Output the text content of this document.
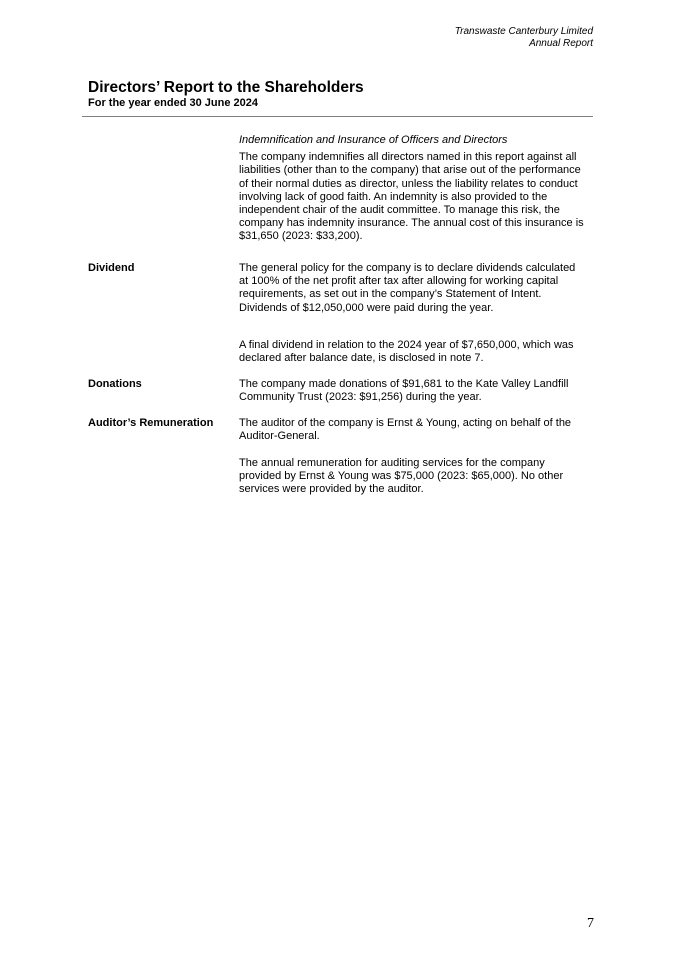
Transwaste Canterbury Limited
Annual Report
Directors’ Report to the Shareholders
For the year ended 30 June 2024

Indemnification and Insurance of Officers and Directors

The company indemnifies all directors named in this report against all liabilities (other than to the company) that arise out of the performance of their normal duties as director, unless the liability relates to conduct involving lack of good faith. An indemnity is also provided to the independent chair of the audit committee. To manage this risk, the company has indemnity insurance. The annual cost of this insurance is $31,650 (2023: $33,200).

Dividend	The general policy for the company is to declare dividends calculated at 100% of the net profit after tax after allowing for working capital requirements, as set out in the company’s Statement of Intent. Dividends of $12,050,000 were paid during the year.

A final dividend in relation to the 2024 year of $7,650,000, which was declared after balance date, is disclosed in note 7.

Donations	The company made donations of $91,681 to the Kate Valley Landfill Community Trust (2023: $91,256) during the year.

Auditor’s Remuneration The auditor of the company is Ernst & Young, acting on behalf of the Auditor-General.

The annual remuneration for auditing services for the company provided by Ernst & Young was $75,000 (2023: $65,000). No other services were provided by the auditor.

7
